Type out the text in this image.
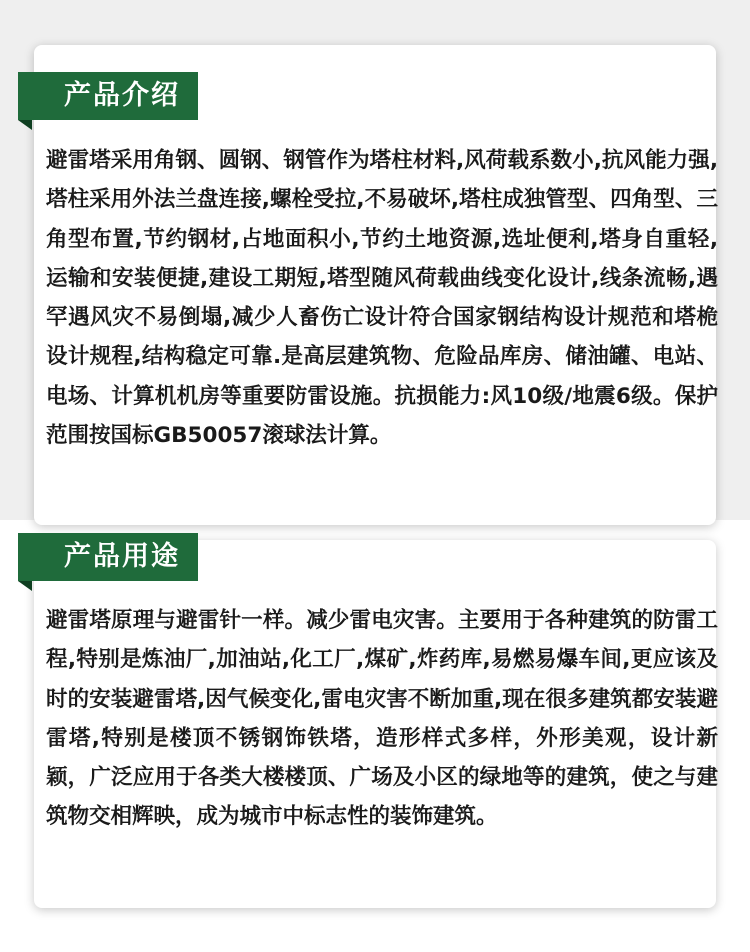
产品介绍

避雷塔采用角钢、圆钢、钢管作为塔柱材料,风荷载系数小,抗风能力强,塔柱采用外法兰盘连接,螺栓受拉,不易破坏,塔柱成独管型、四角型、三角型布置,节约钢材,占地面积小,节约土地资源,选址便利,塔身自重轻,运输和安装便捷,建设工期短,塔型随风荷载曲线变化设计,线条流畅,遇罕遇风灾不易倒塌,减少人畜伤亡设计符合国家钢结构设计规范和塔桅设计规程,结构稳定可靠.是高层建筑物、危险品库房、储油罐、电站、电场、计算机机房等重要防雷设施。抗损能力:风10级/地震6级。保护范围按国标GB50057滚球法计算。

产品用途

避雷塔原理与避雷针一样。减少雷电灾害。主要用于各种建筑的防雷工程,特别是炼油厂,加油站,化工厂,煤矿,炸药库,易燃易爆车间,更应该及时的安装避雷塔,因气候变化,雷电灾害不断加重,现在很多建筑都安装避雷塔,特别是楼顶不锈钢饰铁塔，造形样式多样，外形美观，设计新颖，广泛应用于各类大楼楼顶、广场及小区的绿地等的建筑，使之与建筑物交相辉映，成为城市中标志性的装饰建筑。
